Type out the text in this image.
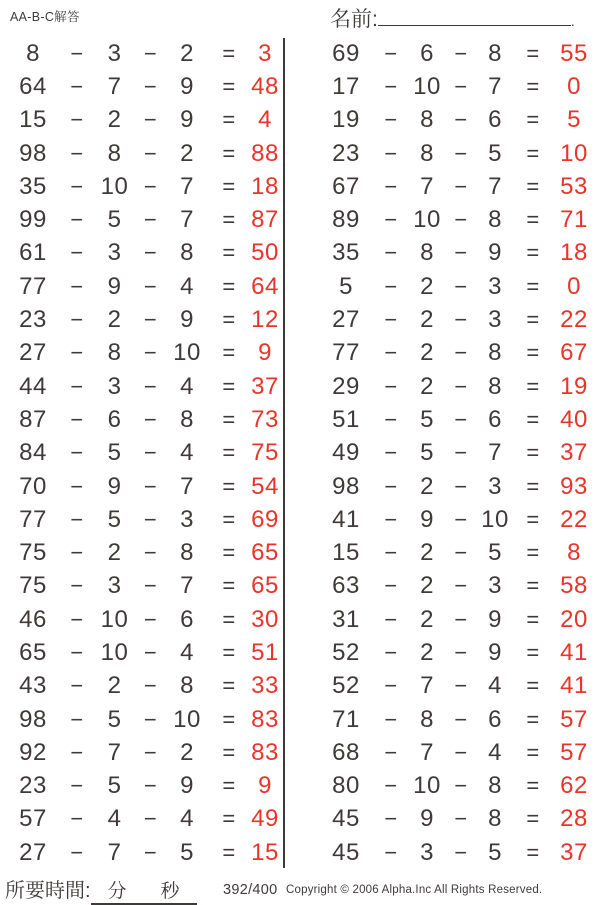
AA-B-C解答	名前:	.
8	− 3	− 2	= 3
64	− 7	− 9	= 48
15	− 2	− 9	= 4
98	− 8	− 2	= 88
35	− 10 − 7	= 18
99	− 5	− 7	= 87
61	− 3	− 8	= 50
77	− 9	− 4	= 64
23	− 2	− 9	= 12
27	− 8	− 10 = 9
44	− 3	− 4	= 37
87	− 6	− 8	= 73
84	− 5	− 4	= 75
70	− 9	− 7	= 54
77	− 5	− 3	= 69
75	− 2	− 8	= 65
75	− 3	− 7	= 65
46	− 10 − 6	= 30
65	− 10 − 4	= 51
43	− 2	− 8	= 33
98	− 5	− 10 = 83
92	− 7	− 2	= 83
23	− 5	− 9	= 9
57	− 4	− 4	= 49
27	− 7	− 5	= 15
69	− 6 − 8	= 55
17	− 10 − 7	=	0
19	− 8 − 6	=	5
23	− 8 − 5	= 10
67	− 7 − 7	= 53
89	− 10 − 8	= 71
35	− 8 − 9	= 18
5	− 2 − 3	=	0
27	− 2 − 3	= 22
77	− 2 − 8	= 67
29	− 2 − 8	= 19
51	− 5 − 6	= 40
49	− 5 − 7	= 37
98	− 2 − 3	= 93
41	− 9 − 10 = 22
15	− 2 − 5	=	8
63	− 2 − 3	= 58
31	− 2 − 9	= 20
52	− 2 − 9	= 41
52	− 7 − 4	= 41
71	− 8 − 6	= 57
68	− 7 − 4	= 57
80	− 10 − 8	= 62
45	− 9 − 8	= 28
45	− 3 − 5	= 37
所要時間: 分 秒	392/400 Copyright © 2006 Alpha.Inc All Rights Reserved.
